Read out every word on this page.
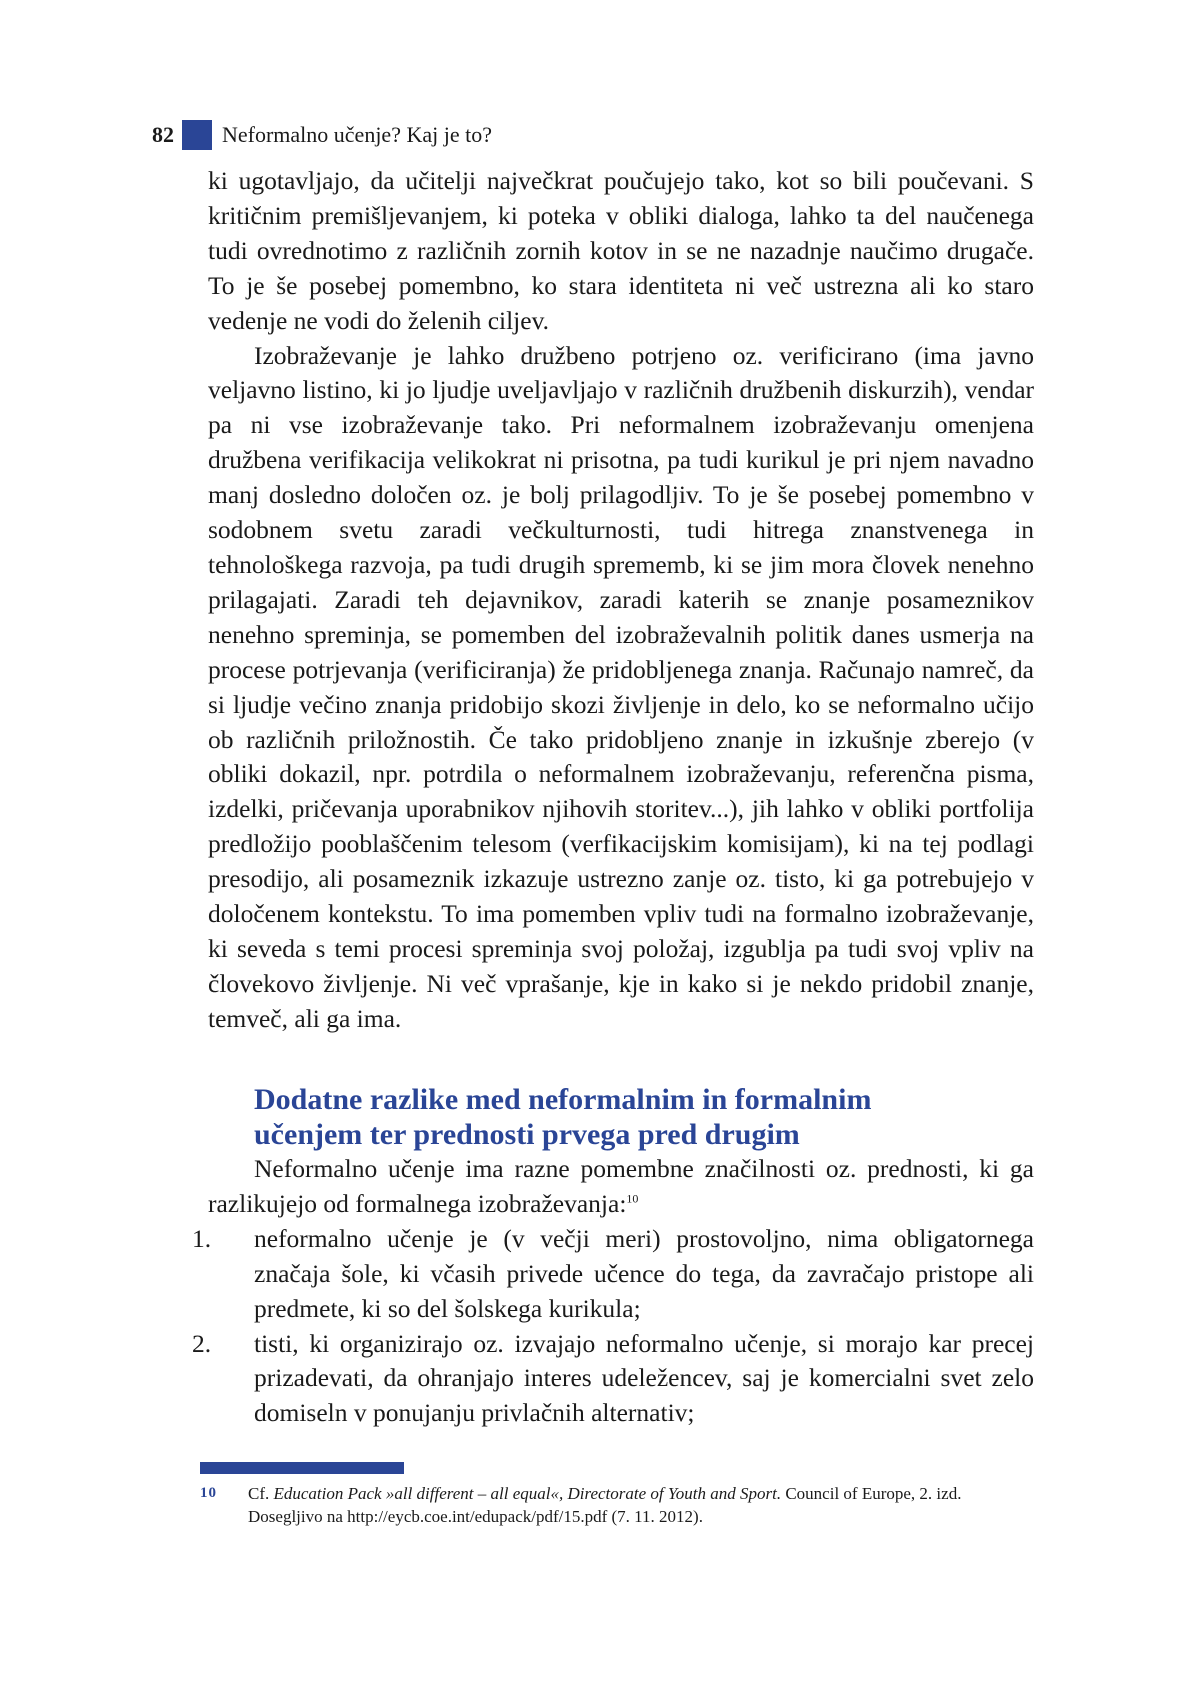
82 Neformalno učenje? Kaj je to?

ki ugotavljajo, da učitelji največkrat poučujejo tako, kot so bili poučevani. S kritičnim premišljevanjem, ki poteka v obliki dialoga, lahko ta del naučenega tudi ovrednotimo z različnih zornih kotov in se ne nazadnje naučimo drugače. To je še posebej pomembno, ko stara identiteta ni več ustrezna ali ko staro vedenje ne vodi do želenih ciljev.

Izobraževanje je lahko družbeno potrjeno oz. verificirano (ima javno veljavno listino, ki jo ljudje uveljavljajo v različnih družbenih diskurzih), vendar pa ni vse izobraževanje tako. Pri neformalnem izobraževanju omenjena družbena verifikacija velikokrat ni prisotna, pa tudi kurikul je pri njem navadno manj dosledno določen oz. je bolj prilagodljiv. To je še posebej pomembno v sodobnem svetu zaradi večkulturnosti, tudi hitrega znanstvenega in tehnološkega razvoja, pa tudi drugih sprememb, ki se jim mora človek nenehno prilagajati. Zaradi teh dejavnikov, zaradi katerih se znanje posameznikov nenehno spreminja, se pomemben del izobraževalnih politik danes usmerja na procese potrjevanja (verificiranja) že pridobljenega znanja. Računajo namreč, da si ljudje večino znanja pridobijo skozi življenje in delo, ko se neformalno učijo ob različnih priložnostih. Če tako pridobljeno znanje in izkušnje zberejo (v obliki dokazil, npr. potrdila o neformalnem izobraževanju, referenčna pisma, izdelki, pričevanja uporabnikov njihovih storitev...), jih lahko v obliki portfolija predložijo pooblaščenim telesom (verfikacijskim komisijam), ki na tej podlagi presodijo, ali posameznik izkazuje ustrezno zanje oz. tisto, ki ga potrebujejo v določenem kontekstu. To ima pomemben vpliv tudi na formalno izobraževanje, ki seveda s temi procesi spreminja svoj položaj, izgublja pa tudi svoj vpliv na človekovo življenje. Ni več vprašanje, kje in kako si je nekdo pridobil znanje, temveč, ali ga ima.

Dodatne razlike med neformalnim in formalnim
učenjem ter prednosti prvega pred drugim

Neformalno učenje ima razne pomembne značilnosti oz. prednosti, ki ga razlikujejo od formalnega izobraževanja:$^{10}$

1.	neformalno učenje je (v večji meri) prostovoljno, nima obligatornega značaja šole, ki včasih privede učence do tega, da zavračajo pristope ali predmete, ki so del šolskega kurikula;
2.	tisti, ki organizirajo oz. izvajajo neformalno učenje, si morajo kar precej prizadevati, da ohranjajo interes udeležencev, saj je komercialni svet zelo domiseln v ponujanju privlačnih alternativ;
10 Cf. Education Pack »all different – all equal«, Directorate of Youth and Sport. Council of Europe, 2. izd. Dosegljivo na http://eycb.coe.int/edupack/pdf/15.pdf (7. 11. 2012).
